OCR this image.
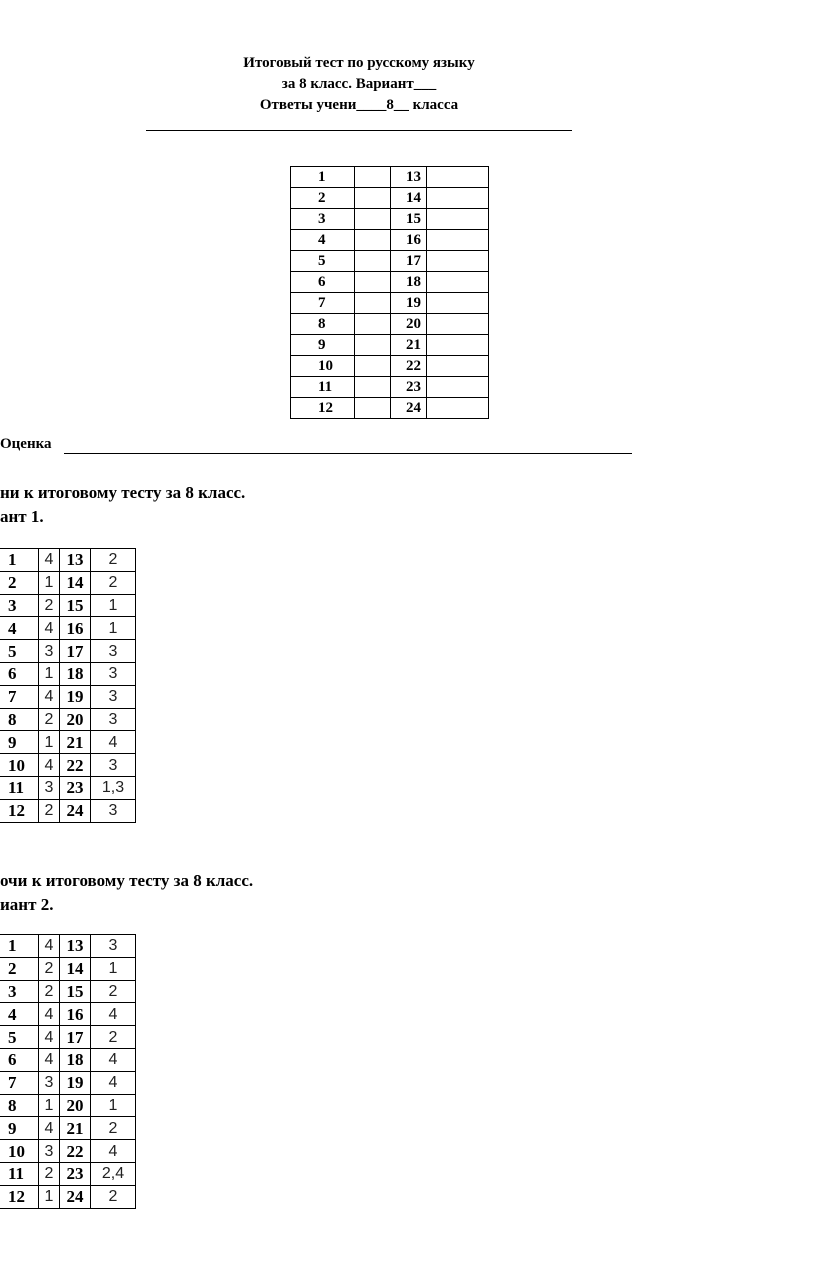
Итоговый тест по русскому языку
за 8 класс. Вариант___
Ответы учени____8__ класса
1		13	
2		14	
3		15	
4		16	
5		17	
6		18	
7		19	
8		20	
9		21	
10		22	
11		23	
12		24	
Оценка
ни к итоговому тесту за 8 класс.
ант 1.
1	4	13	2
2	1	14	2
3	2	15	1
4	4	16	1
5	3	17	3
6	1	18	3
7	4	19	3
8	2	20	3
9	1	21	4
10	4	22	3
11	3	23	1,3
12	2	24	3
очи к итоговому тесту за 8 класс.
иант 2.
1	4	13	3
2	2	14	1
3	2	15	2
4	4	16	4
5	4	17	2
6	4	18	4
7	3	19	4
8	1	20	1
9	4	21	2
10	3	22	4
11	2	23	2,4
12	1	24	2
